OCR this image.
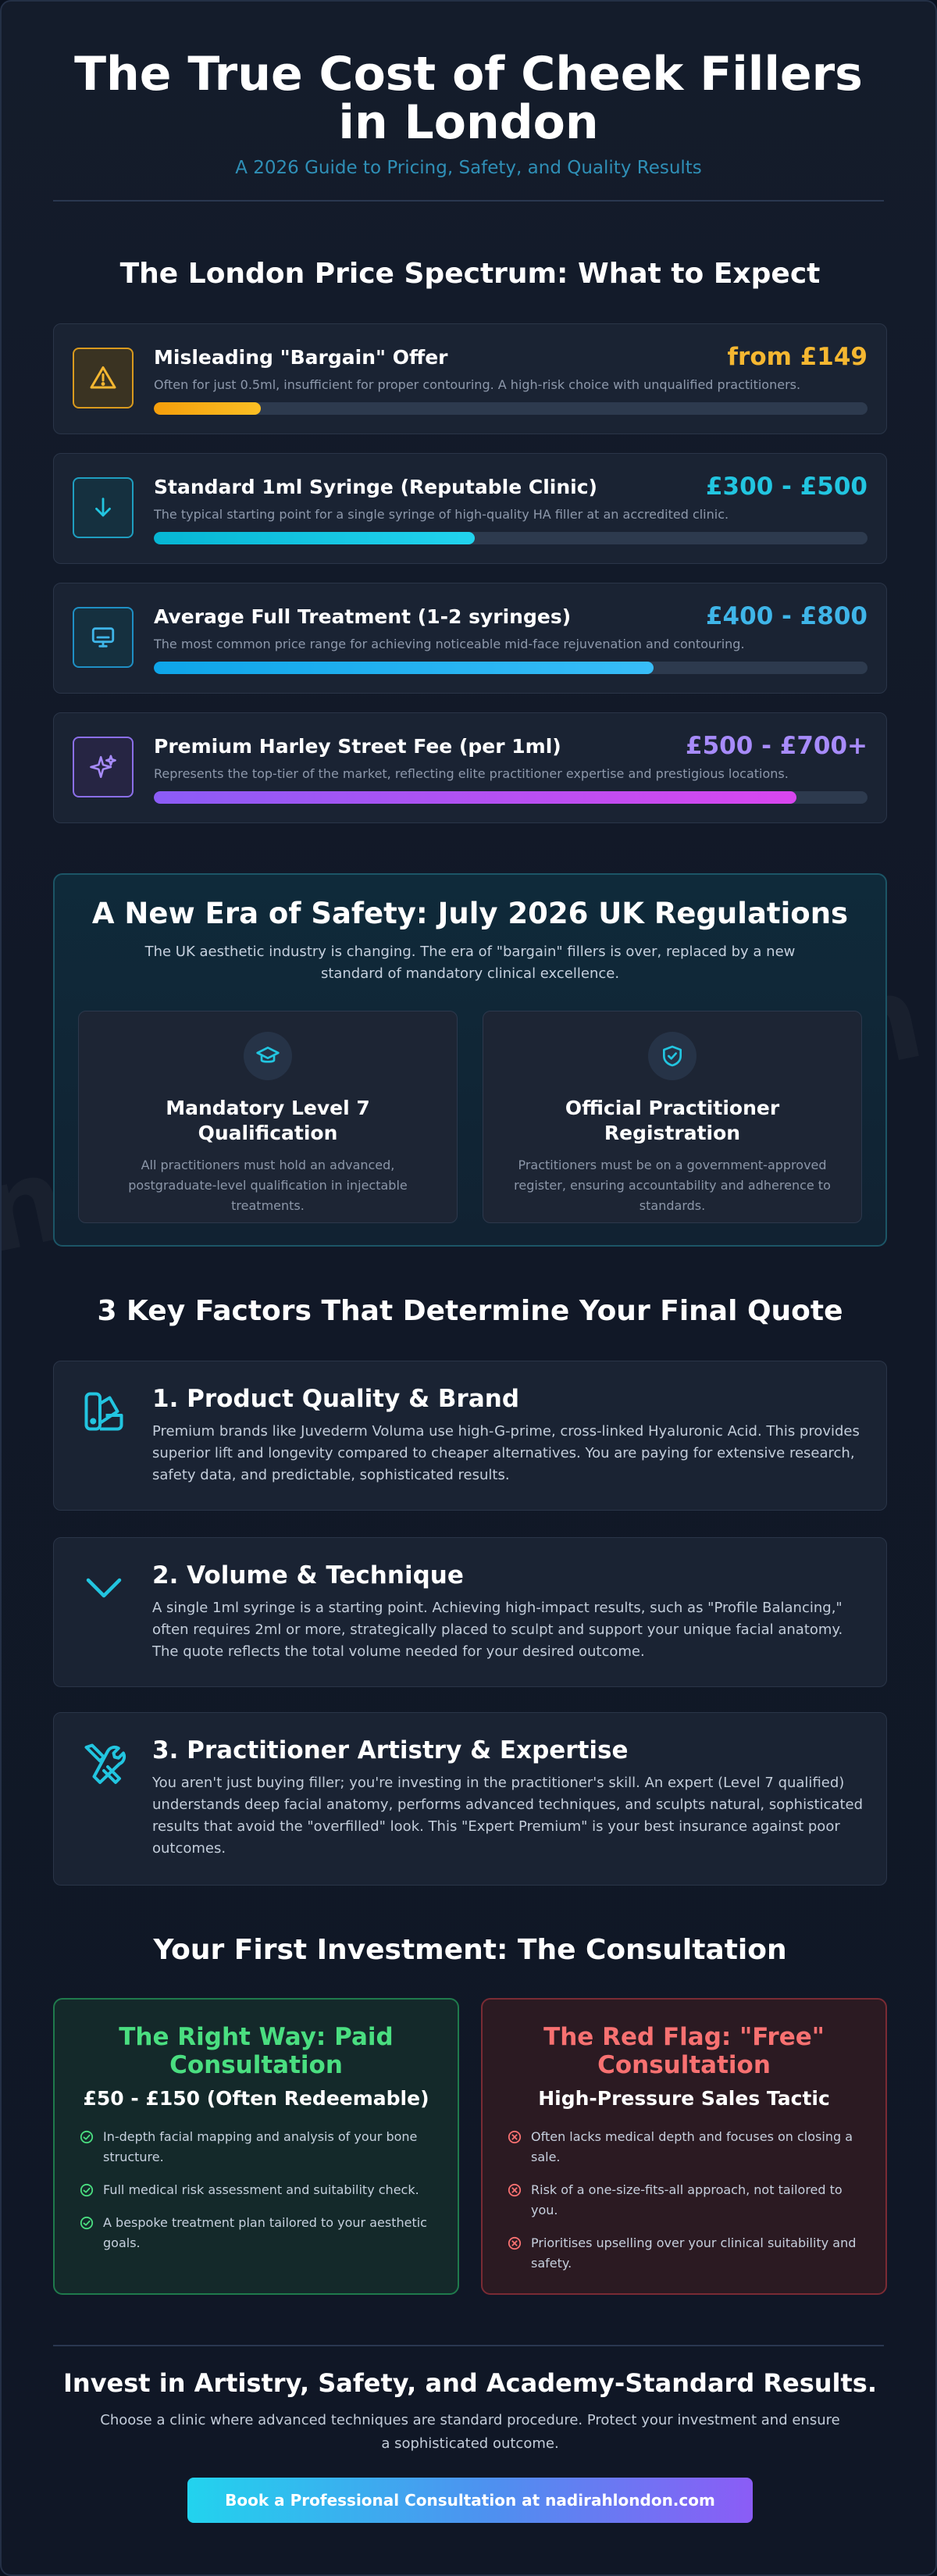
The True Cost of Cheek Fillers in London
A 2026 Guide to Pricing, Safety, and Quality Results
The London Price Spectrum: What to Expect
Misleading "Bargain" Offer	from £149
Often for just 0.5ml, insufficient for proper contouring. A high-risk choice with unqualified practitioners.
Standard 1ml Syringe (Reputable Clinic)	£300 - £500
The typical starting point for a single syringe of high-quality HA filler at an accredited clinic.
Average Full Treatment (1-2 syringes)	£400 - £800
The most common price range for achieving noticeable mid-face rejuvenation and contouring.
Premium Harley Street Fee (per 1ml)	£500 - £700+
Represents the top-tier of the market, reflecting elite practitioner expertise and prestigious locations.
A New Era of Safety: July 2026 UK Regulations

The UK aesthetic industry is changing. The era of "bargain" fillers is over, replaced by a new standard of mandatory clinical excellence.

Mandatory Level 7 Qualification

All practitioners must hold an advanced, postgraduate-level qualification in injectable treatments.

Official Practitioner Registration

Practitioners must be on a government-approved register, ensuring accountability and adherence to standards.

3 Key Factors That Determine Your Final Quote
1. Product Quality & Brand

Premium brands like Juvederm Voluma use high-G-prime, cross-linked Hyaluronic Acid. This provides superior lift and longevity compared to cheaper alternatives. You are paying for extensive research, safety data, and predictable, sophisticated results.

2. Volume & Technique

A single 1ml syringe is a starting point. Achieving high-impact results, such as "Profile Balancing," often requires 2ml or more, strategically placed to sculpt and support your unique facial anatomy. The quote reflects the total volume needed for your desired outcome.

3. Practitioner Artistry & Expertise

You aren't just buying filler; you're investing in the practitioner's skill. An expert (Level 7 qualified) understands deep facial anatomy, performs advanced techniques, and sculpts natural, sophisticated results that avoid the "overfilled" look. This "Expert Premium" is your best insurance against poor outcomes.

Your First Investment: The Consultation
The Right Way: Paid Consultation
£50 - £150 (Often Redeemable)
In-depth facial mapping and analysis of your bone structure.
Full medical risk assessment and suitability check.
A bespoke treatment plan tailored to your aesthetic goals.
The Red Flag: "Free" Consultation
High-Pressure Sales Tactic
Often lacks medical depth and focuses on closing a sale.
Risk of a one-size-fits-all approach, not tailored to you.
Prioritises upselling over your clinical suitability and safety.
Invest in Artistry, Safety, and Academy-Standard Results.

Choose a clinic where advanced techniques are standard procedure. Protect your investment and ensure a sophisticated outcome.

Book a Professional Consultation at nadirahlondon.com
